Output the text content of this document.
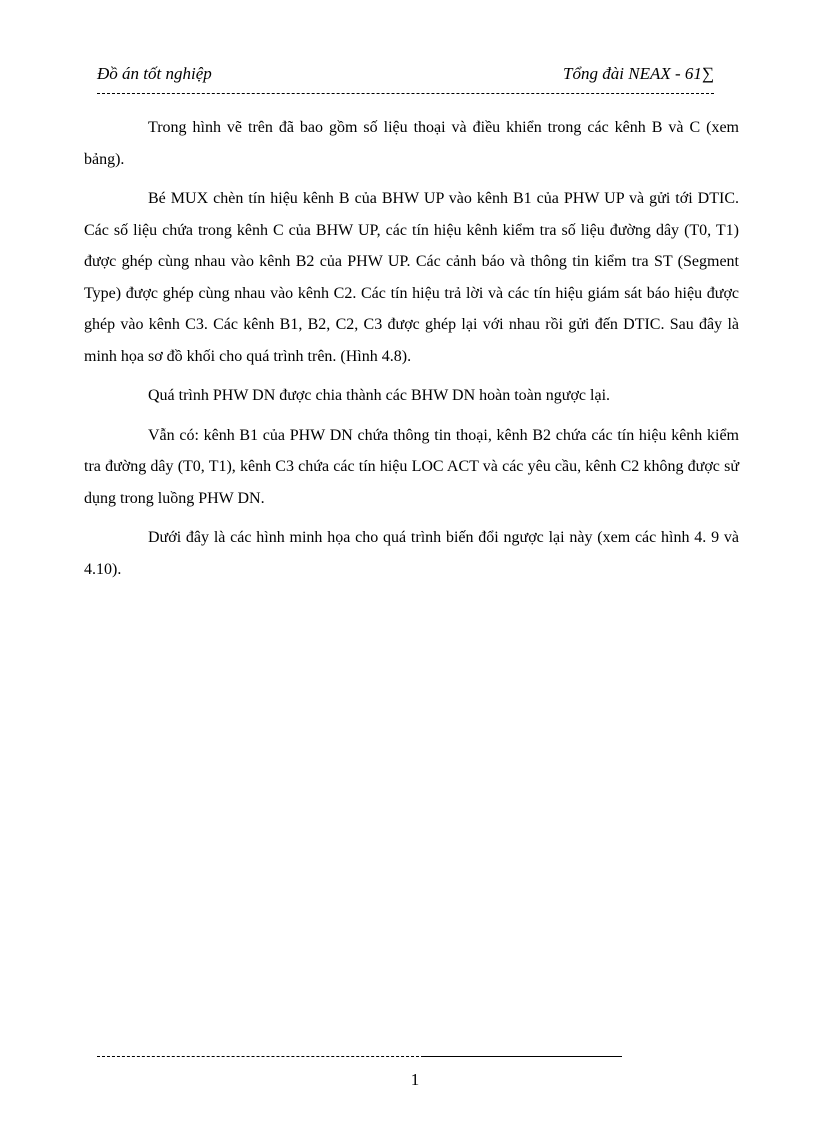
Đồ án tốt nghiệp	Tổng đài NEAX - 61∑

Trong hình vẽ trên đã bao gồm số liệu thoại và điều khiển trong các kênh B và C (xem bảng).

Bé MUX chèn tín hiệu kênh B của BHW UP vào kênh B1 của PHW UP và gửi tới DTIC. Các số liệu chứa trong kênh C của BHW UP, các tín hiệu kênh kiểm tra số liệu đường dây (T0, T1) được ghép cùng nhau vào kênh B2 của PHW UP. Các cảnh báo và thông tin kiểm tra ST (Segment Type) được ghép cùng nhau vào kênh C2. Các tín hiệu trả lời và các tín hiệu giám sát báo hiệu được ghép vào kênh C3. Các kênh B1, B2, C2, C3 được ghép lại với nhau rồi gửi đến DTIC. Sau đây là minh họa sơ đồ khối cho quá trình trên. (Hình 4.8).

Quá trình PHW DN được chia thành các BHW DN hoàn toàn ngược lại.

Vẫn có: kênh B1 của PHW DN chứa thông tin thoại, kênh B2 chứa các tín hiệu kênh kiểm tra đường dây (T0, T1), kênh C3 chứa các tín hiệu LOC ACT và các yêu cầu, kênh C2 không được sử dụng trong luồng PHW DN.

Dưới đây là các hình minh họa cho quá trình biến đổi ngược lại này (xem các hình 4. 9 và 4.10).

1
